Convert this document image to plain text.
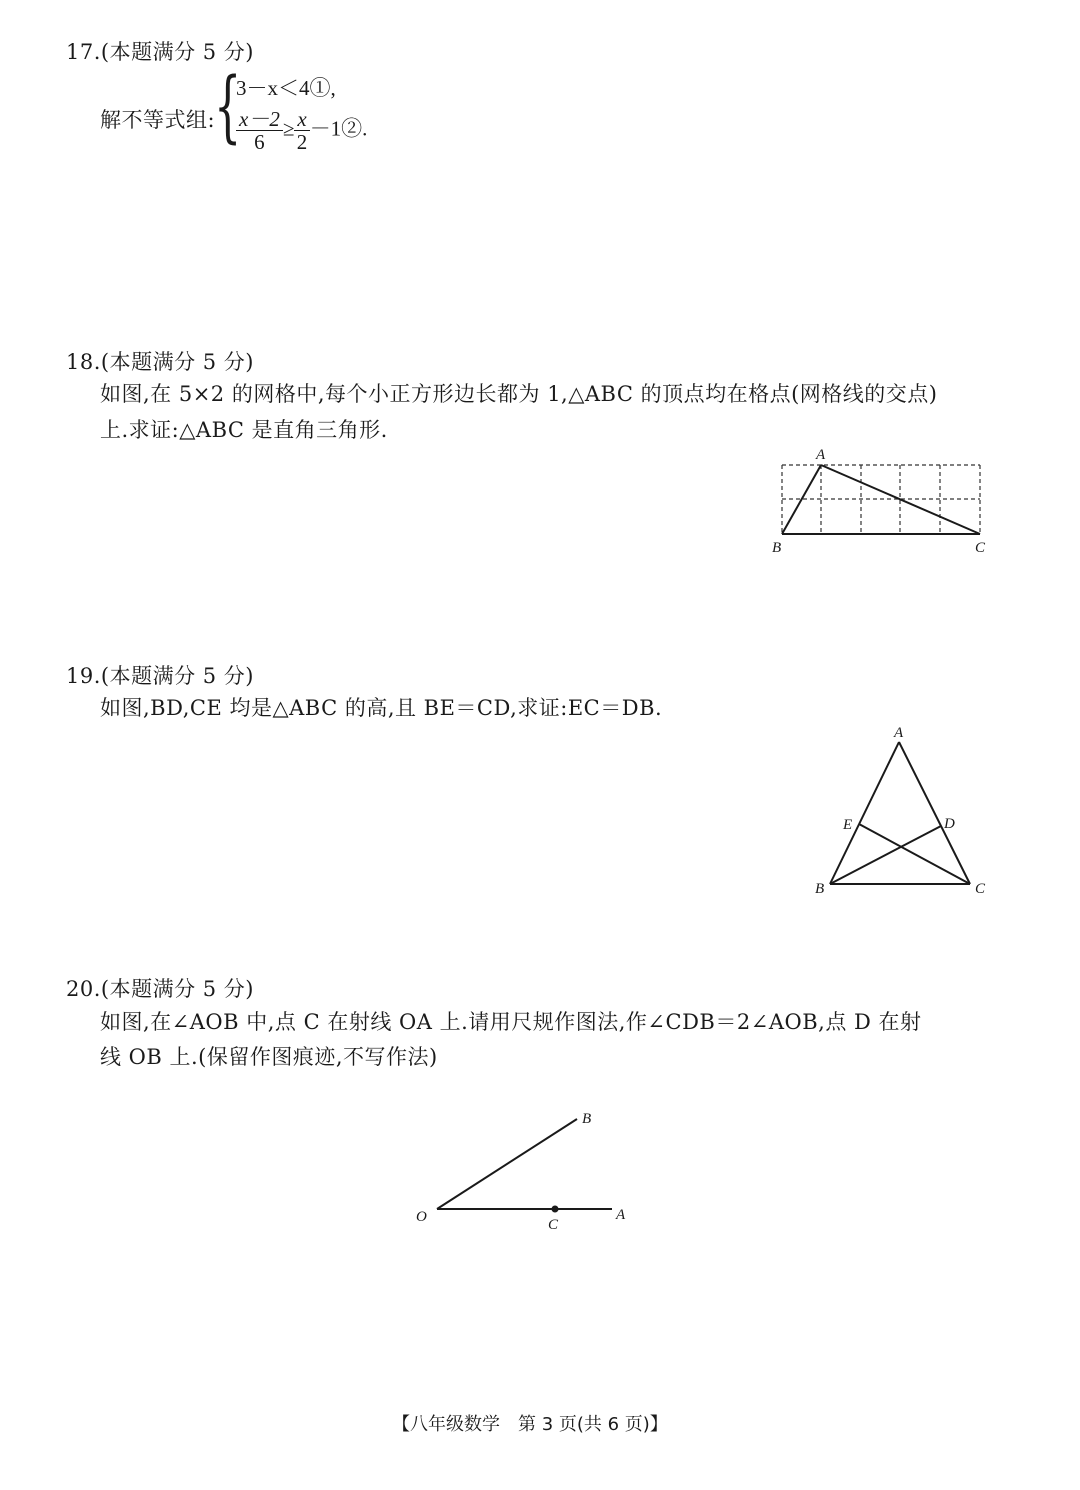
17.(本题满分 5 分)
解不等式组:
{
3－x＜4①,
$\frac{x-2}{6} \ge \frac{x}{2}$ －1②.
18.(本题满分 5 分)
如图,在 5×2 的网格中,每个小正方形边长都为 1,△ABC 的顶点均在格点(网格线的交点)
上.求证:△ABC 是直角三角形.
A
B	C
19.(本题满分 5 分)
如图,BD,CE 均是△ABC 的高,且 BE＝CD,求证:EC＝DB.
A
B	C
D
E
20.(本题满分 5 分)
如图,在∠AOB 中,点 C 在射线 OA 上.请用尺规作图法,作∠CDB＝2∠AOB,点 D 在射
线 OB 上.(保留作图痕迹,不写作法)
O	A
B
C
【八年级数学　第 3 页(共 6 页)】
